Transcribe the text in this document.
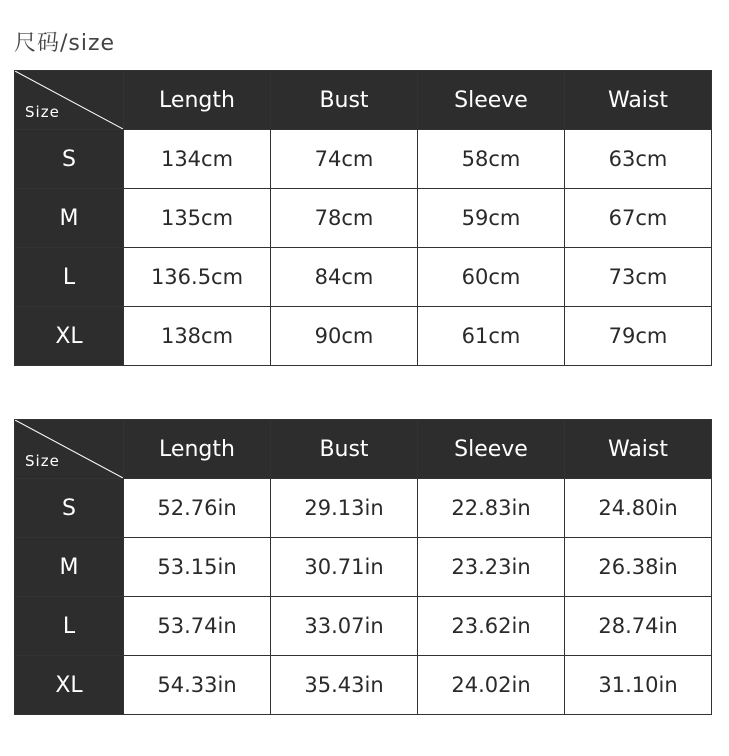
尺码/size
Size	Length	Bust	Sleeve	Waist
S	134cm	74cm	58cm	63cm
M	135cm	78cm	59cm	67cm
L	136.5cm	84cm	60cm	73cm
XL	138cm	90cm	61cm	79cm
Size	Length	Bust	Sleeve	Waist
S	52.76in	29.13in	22.83in	24.80in
M	53.15in	30.71in	23.23in	26.38in
L	53.74in	33.07in	23.62in	28.74in
XL	54.33in	35.43in	24.02in	31.10in
